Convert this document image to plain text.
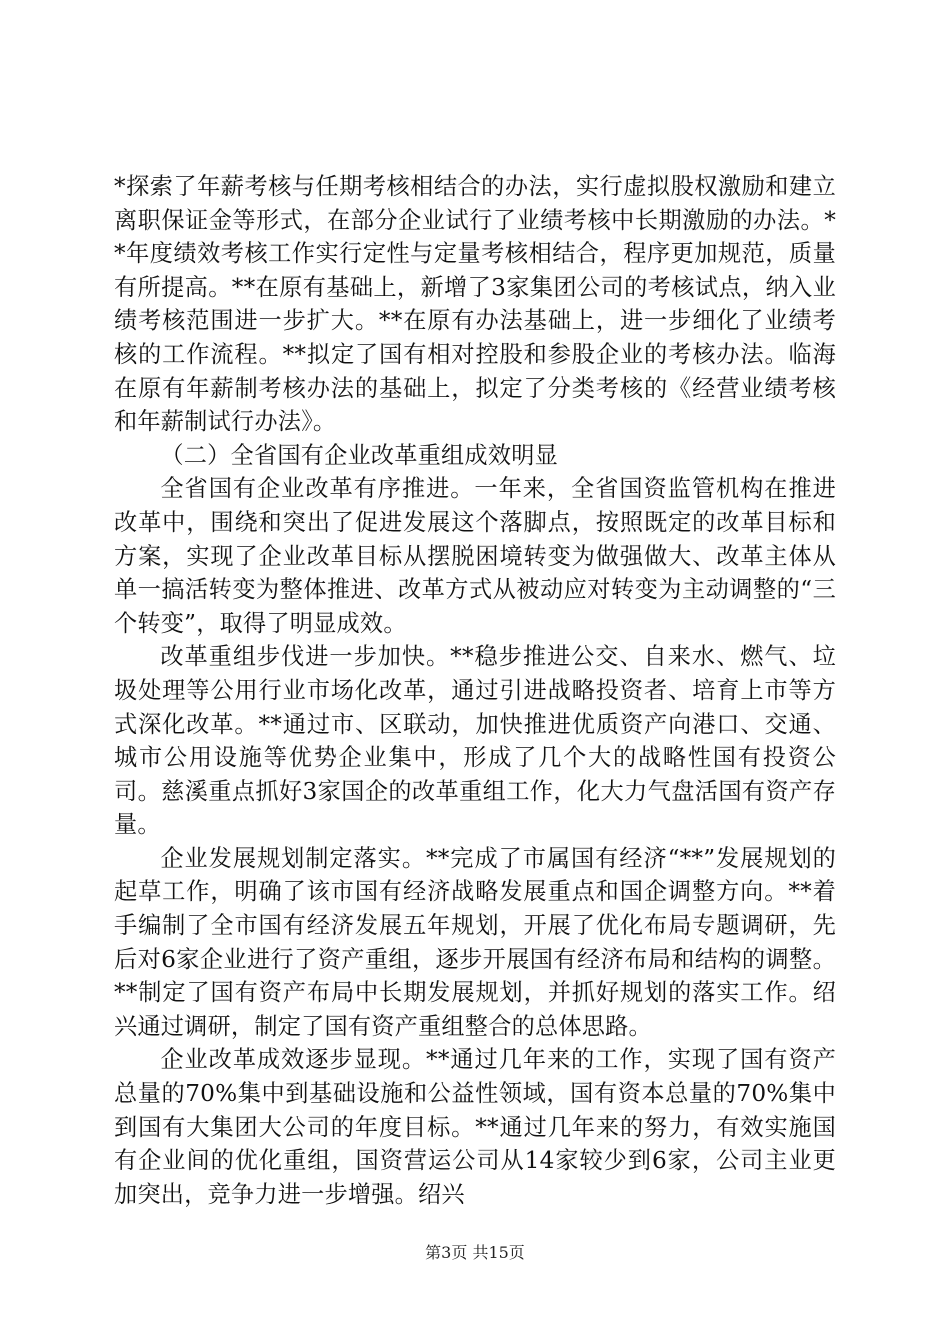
*探索了年薪考核与任期考核相结合的办法，实行虚拟股权激励和建立离职保证金等形式，在部分企业试行了业绩考核中长期激励的办法。**年度绩效考核工作实行定性与定量考核相结合，程序更加规范，质量有所提高。**在原有基础上，新增了3家集团公司的考核试点，纳入业绩考核范围进一步扩大。**在原有办法基础上，进一步细化了业绩考核的工作流程。**拟定了国有相对控股和参股企业的考核办法。临海在原有年薪制考核办法的基础上，拟定了分类考核的《经营业绩考核和年薪制试行办法》。

（二）全省国有企业改革重组成效明显

全省国有企业改革有序推进。一年来，全省国资监管机构在推进改革中，围绕和突出了促进发展这个落脚点，按照既定的改革目标和方案，实现了企业改革目标从摆脱困境转变为做强做大、改革主体从单一搞活转变为整体推进、改革方式从被动应对转变为主动调整的“三个转变”，取得了明显成效。

改革重组步伐进一步加快。**稳步推进公交、自来水、燃气、垃圾处理等公用行业市场化改革，通过引进战略投资者、培育上市等方式深化改革。**通过市、区联动，加快推进优质资产向港口、交通、城市公用设施等优势企业集中，形成了几个大的战略性国有投资公司。慈溪重点抓好3家国企的改革重组工作，化大力气盘活国有资产存量。

企业发展规划制定落实。**完成了市属国有经济“**”发展规划的起草工作，明确了该市国有经济战略发展重点和国企调整方向。**着手编制了全市国有经济发展五年规划，开展了优化布局专题调研，先后对6家企业进行了资产重组，逐步开展国有经济布局和结构的调整。**制定了国有资产布局中长期发展规划，并抓好规划的落实工作。绍兴通过调研，制定了国有资产重组整合的总体思路。

企业改革成效逐步显现。**通过几年来的工作，实现了国有资产总量的70%集中到基础设施和公益性领域，国有资本总量的70%集中到国有大集团大公司的年度目标。**通过几年来的努力，有效实施国有企业间的优化重组，国资营运公司从14家较少到6家，公司主业更加突出，竞争力进一步增强。绍兴

第3页 共15页
